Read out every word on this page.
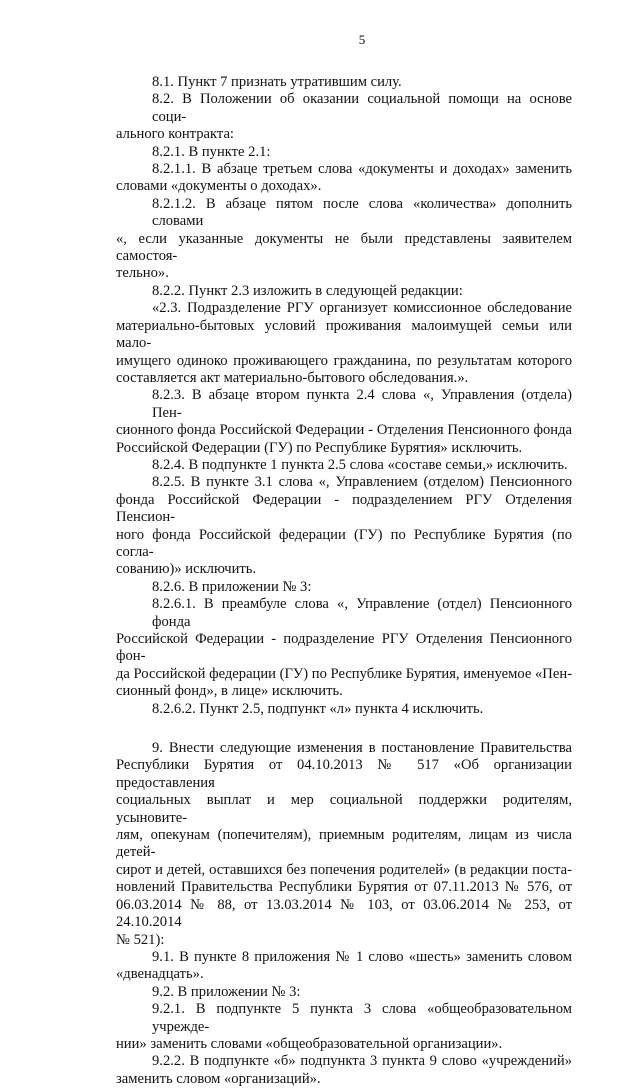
5
8.1. Пункт 7 признать утратившим силу.
8.2. В Положении об оказании социальной помощи на основе соци-
ального контракта:
8.2.1. В пункте 2.1:
8.2.1.1. В абзаце третьем слова «документы и доходах» заменить
словами «документы о доходах».
8.2.1.2. В абзаце пятом после слова «количества» дополнить словами
«, если указанные документы не были представлены заявителем самостоя-
тельно».
8.2.2. Пункт 2.3 изложить в следующей редакции:
«2.3. Подразделение РГУ организует комиссионное обследование
материально-бытовых условий проживания малоимущей семьи или мало-
имущего одиноко проживающего гражданина, по результатам которого
составляется акт материально-бытового обследования.».
8.2.3. В абзаце втором пункта 2.4 слова «, Управления (отдела) Пен-
сионного фонда Российской Федерации - Отделения Пенсионного фонда
Российской Федерации (ГУ) по Республике Бурятия» исключить.
8.2.4. В подпункте 1 пункта 2.5 слова «составе семьи,» исключить.
8.2.5. В пункте 3.1 слова «, Управлением (отделом) Пенсионного
фонда Российской Федерации - подразделением РГУ Отделения Пенсион-
ного фонда Российской федерации (ГУ) по Республике Бурятия (по согла-
сованию)» исключить.
8.2.6. В приложении № 3:
8.2.6.1. В преамбуле слова «, Управление (отдел) Пенсионного фонда
Российской Федерации - подразделение РГУ Отделения Пенсионного фон-
да Российской федерации (ГУ) по Республике Бурятия, именуемое «Пен-
сионный фонд», в лице» исключить.
8.2.6.2. Пункт 2.5, подпункт «л» пункта 4 исключить.
9. Внести следующие изменения в постановление Правительства
Республики Бурятия от 04.10.2013 № 517 «Об организации предоставления
социальных выплат и мер социальной поддержки родителям, усыновите-
лям, опекунам (попечителям), приемным родителям, лицам из числа детей-
сирот и детей, оставшихся без попечения родителей» (в редакции поста-
новлений Правительства Республики Бурятия от 07.11.2013 № 576, от
06.03.2014 № 88, от 13.03.2014 № 103, от 03.06.2014 № 253, от 24.10.2014
№ 521):
9.1. В пункте 8 приложения № 1 слово «шесть» заменить словом
«двенадцать».
9.2. В приложении № 3:
9.2.1. В подпункте 5 пункта 3 слова «общеобразовательном учрежде-
нии» заменить словами «общеобразовательной организации».
9.2.2. В подпункте «б» подпункта 3 пункта 9 слово «учреждений»
заменить словом «организаций».
